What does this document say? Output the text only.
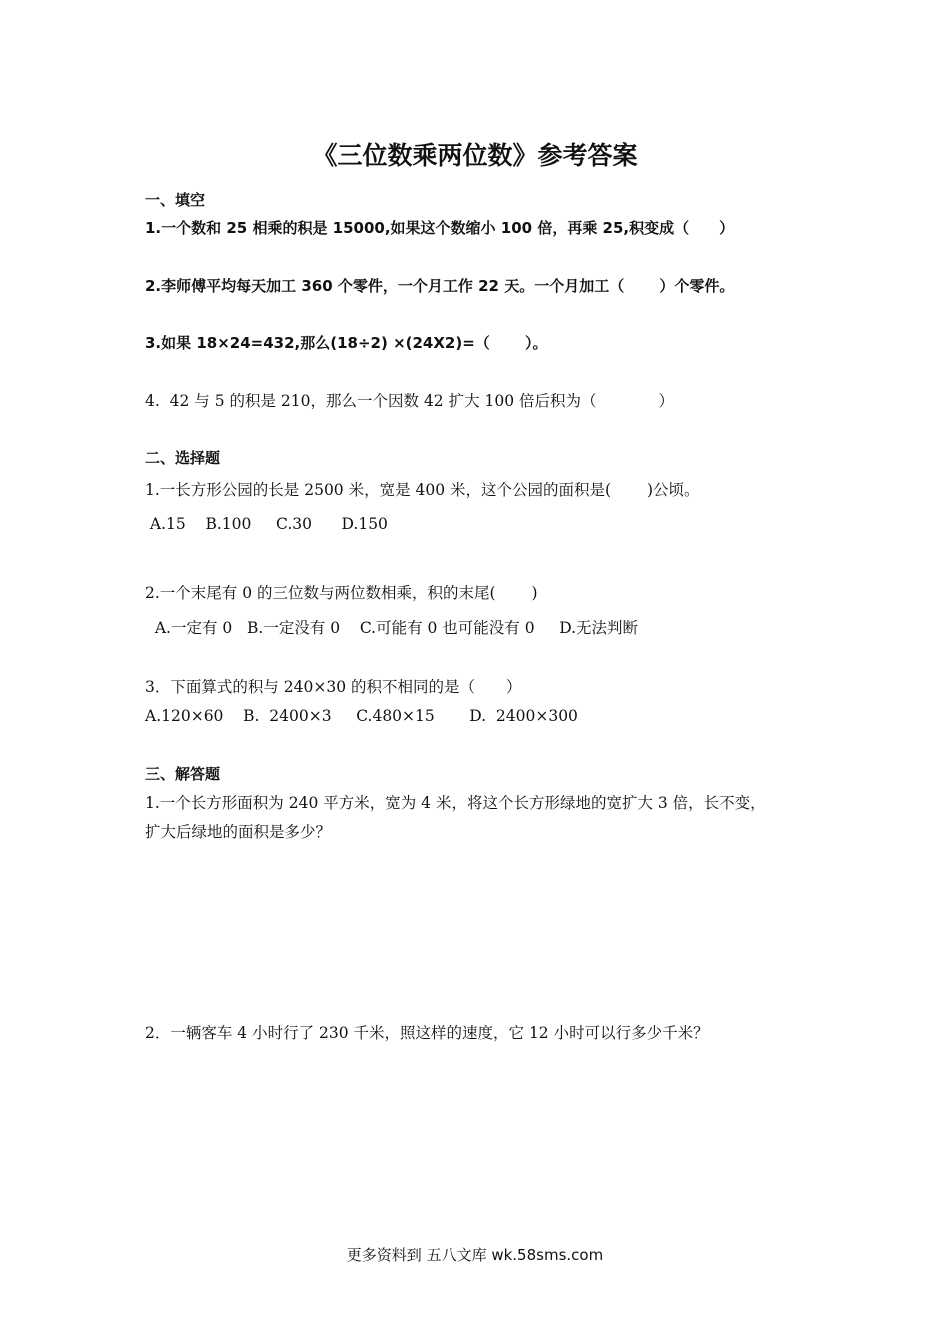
《三位数乘两位数》参考答案
一、填空
1.一个数和 25 相乘的积是 15000,如果这个数缩小 100 倍，再乘 25,积变成（　　）
2.李师傅平均每天加工 360 个零件，一个月工作 22 天。一个月加工（　　 ）个零件。
3.如果 18×24=432,那么(18÷2) ×(24X2)=（　　 ）。
4.  42 与 5 的积是 210，那么一个因数 42 扩大 100 倍后积为（　　　　）
二、选择题
1.一长方形公园的长是 2500 米，宽是 400 米，这个公园的面积是(　　 )公顷。
A.15    B.100     C.30      D.150
2.一个末尾有 0 的三位数与两位数相乘，积的末尾(　　 )
A.一定有 0   B.一定没有 0    C.可能有 0 也可能没有 0     D.无法判断
3．下面算式的积与 240×30 的积不相同的是（　　）
A.120×60    B.  2400×3     C.480×15       D.  2400×300
三、解答题
1.一个长方形面积为 240 平方米，宽为 4 米，将这个长方形绿地的宽扩大 3 倍，长不变，
扩大后绿地的面积是多少？
2．一辆客车 4 小时行了 230 千米，照这样的速度，它 12 小时可以行多少千米？
更多资料到 五八文库 wk.58sms.com
